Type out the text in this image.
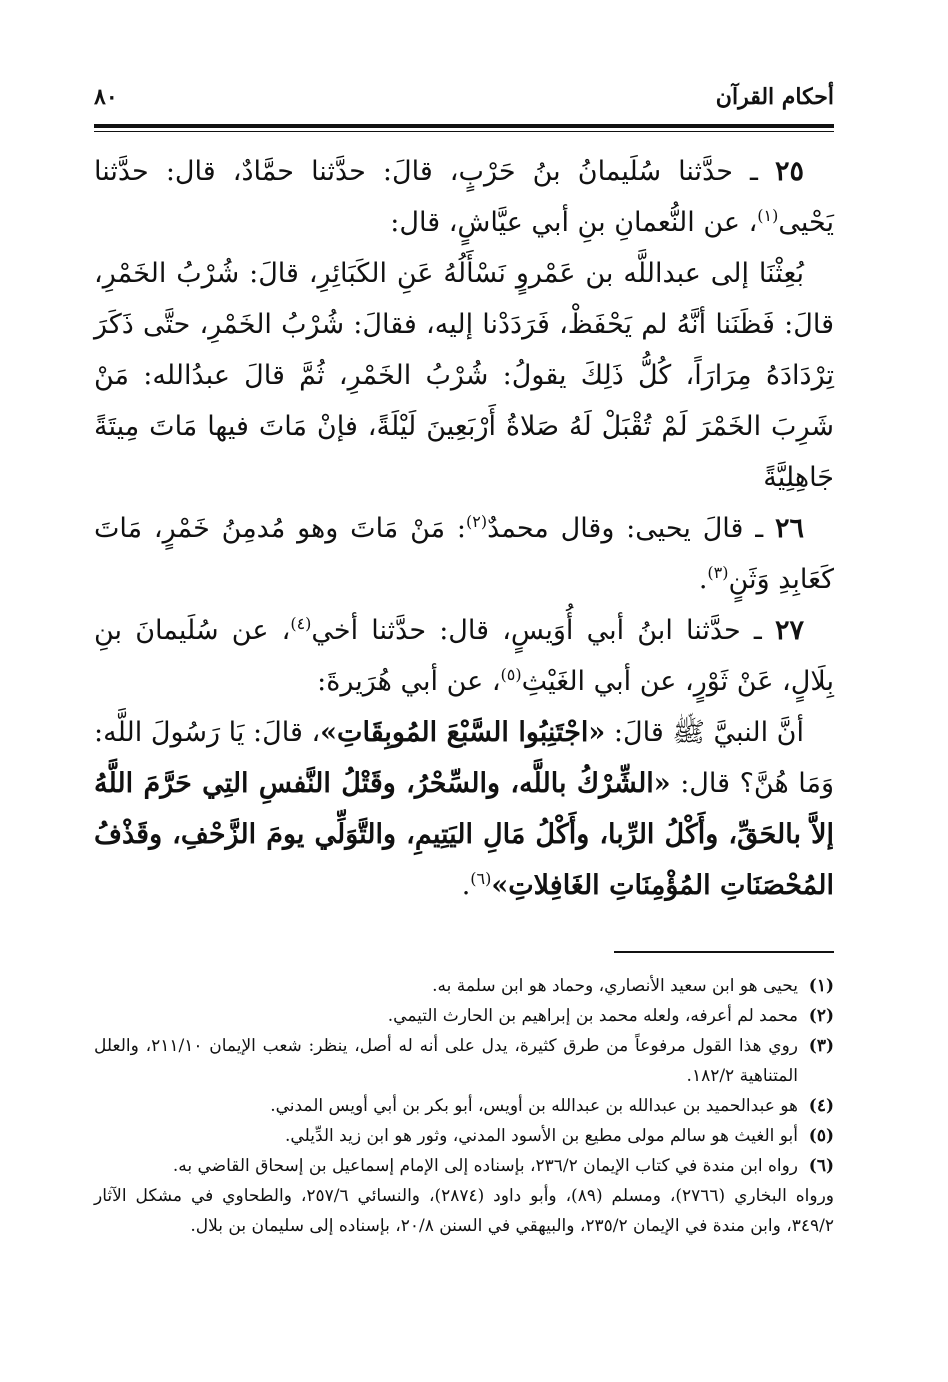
أحكام القرآن
٨٠

٢٥ ـ حدَّثنا سُلَيمانُ بنُ حَرْبٍ، قالَ: حدَّثنا حمَّادٌ، قال: حدَّثنا يَحْيى$^{(١)}$، عن النُّعمانِ بنِ أبي عيَّاشٍ، قال:

بُعِثْنَا إلى عبداللَّه بن عَمْروٍ نَسْأَلُهُ عَنِ الكَبَائِرِ، قالَ: شُرْبُ الخَمْرِ، قالَ: فَظَنَنا أنَّهُ لم يَحْفَظْ، فَرَدَدْنا إليه، فقالَ: شُرْبُ الخَمْرِ، حتَّى ذَكَرَ تِرْدَادَهُ مِرَارَاً، كُلُّ ذَلِكَ يقولُ: شُرْبُ الخَمْرِ، ثُمَّ قالَ عبدُالله: مَنْ شَرِبَ الخَمْرَ لَمْ تُقْبَلْ لَهُ صَلاةُ أَرْبَعِينَ لَيْلَةً، فإنْ مَاتَ فيها مَاتَ مِيتَةً جَاهِلِيَّةً

٢٦ ـ قالَ يحيى: وقال محمدٌ$^{(٢)}$: مَنْ مَاتَ وهو مُدمِنُ خَمْرٍ، مَاتَ كَعَابِدِ وَثَنٍ$^{(٣)}$.

٢٧ ـ حدَّثنا ابنُ أبي أُوَيسٍ، قال: حدَّثنا أخي$^{(٤)}$، عن سُلَيمانَ بنِ بِلَالٍ، عَنْ ثَوْرٍ، عن أبي الغَيْثِ$^{(٥)}$، عن أبي هُرَيرةَ:

أنَّ النبيَّ ﷺ قالَ: «اجْتَنِبُوا السَّبْعَ المُوبِقَاتِ»، قالَ: يَا رَسُولَ اللَّه: وَمَا هُنَّ؟ قال: «الشِّرْكُ باللَّه، والسِّحْرُ، وقَتْلُ النَّفسِ التِي حَرَّمَ اللَّهُ إلاَّ بالحَقِّ، وأَكْلُ الرِّبا، وأَكْلُ مَالِ اليَتِيمِ، والتَّوَلِّي يومَ الزَّحْفِ، وقَذْفُ المُحْصَنَاتِ المُؤْمِنَاتِ الغَافِلاتِ»$^{(٦)}$.

(١)
يحيى هو ابن سعيد الأنصاري، وحماد هو ابن سلمة به.
(٢)
محمد لم أعرفه، ولعله محمد بن إبراهيم بن الحارث التيمي.
(٣)
روي هذا القول مرفوعاً من طرق كثيرة، يدل على أنه له أصل، ينظر: شعب الإيمان ٢١١/١٠، والعلل المتناهية ١٨٢/٢.
(٤)
هو عبدالحميد بن عبدالله بن عبدالله بن أويس، أبو بكر بن أبي أويس المدني.
(٥)
أبو الغيث هو سالم مولى مطيع بن الأسود المدني، وثور هو ابن زيد الدِّيلي.
(٦)
رواه ابن مندة في كتاب الإيمان ٢٣٦/٢، بإسناده إلى الإمام إسماعيل بن إسحاق القاضي به.
ورواه البخاري (٢٧٦٦)، ومسلم (٨٩)، وأبو داود (٢٨٧٤)، والنسائي ٢٥٧/٦، والطحاوي في مشكل الآثار ٣٤٩/٢، وابن مندة في الإيمان ٢٣٥/٢، والبيهقي في السنن ٢٠/٨، بإسناده إلى سليمان بن بلال.
